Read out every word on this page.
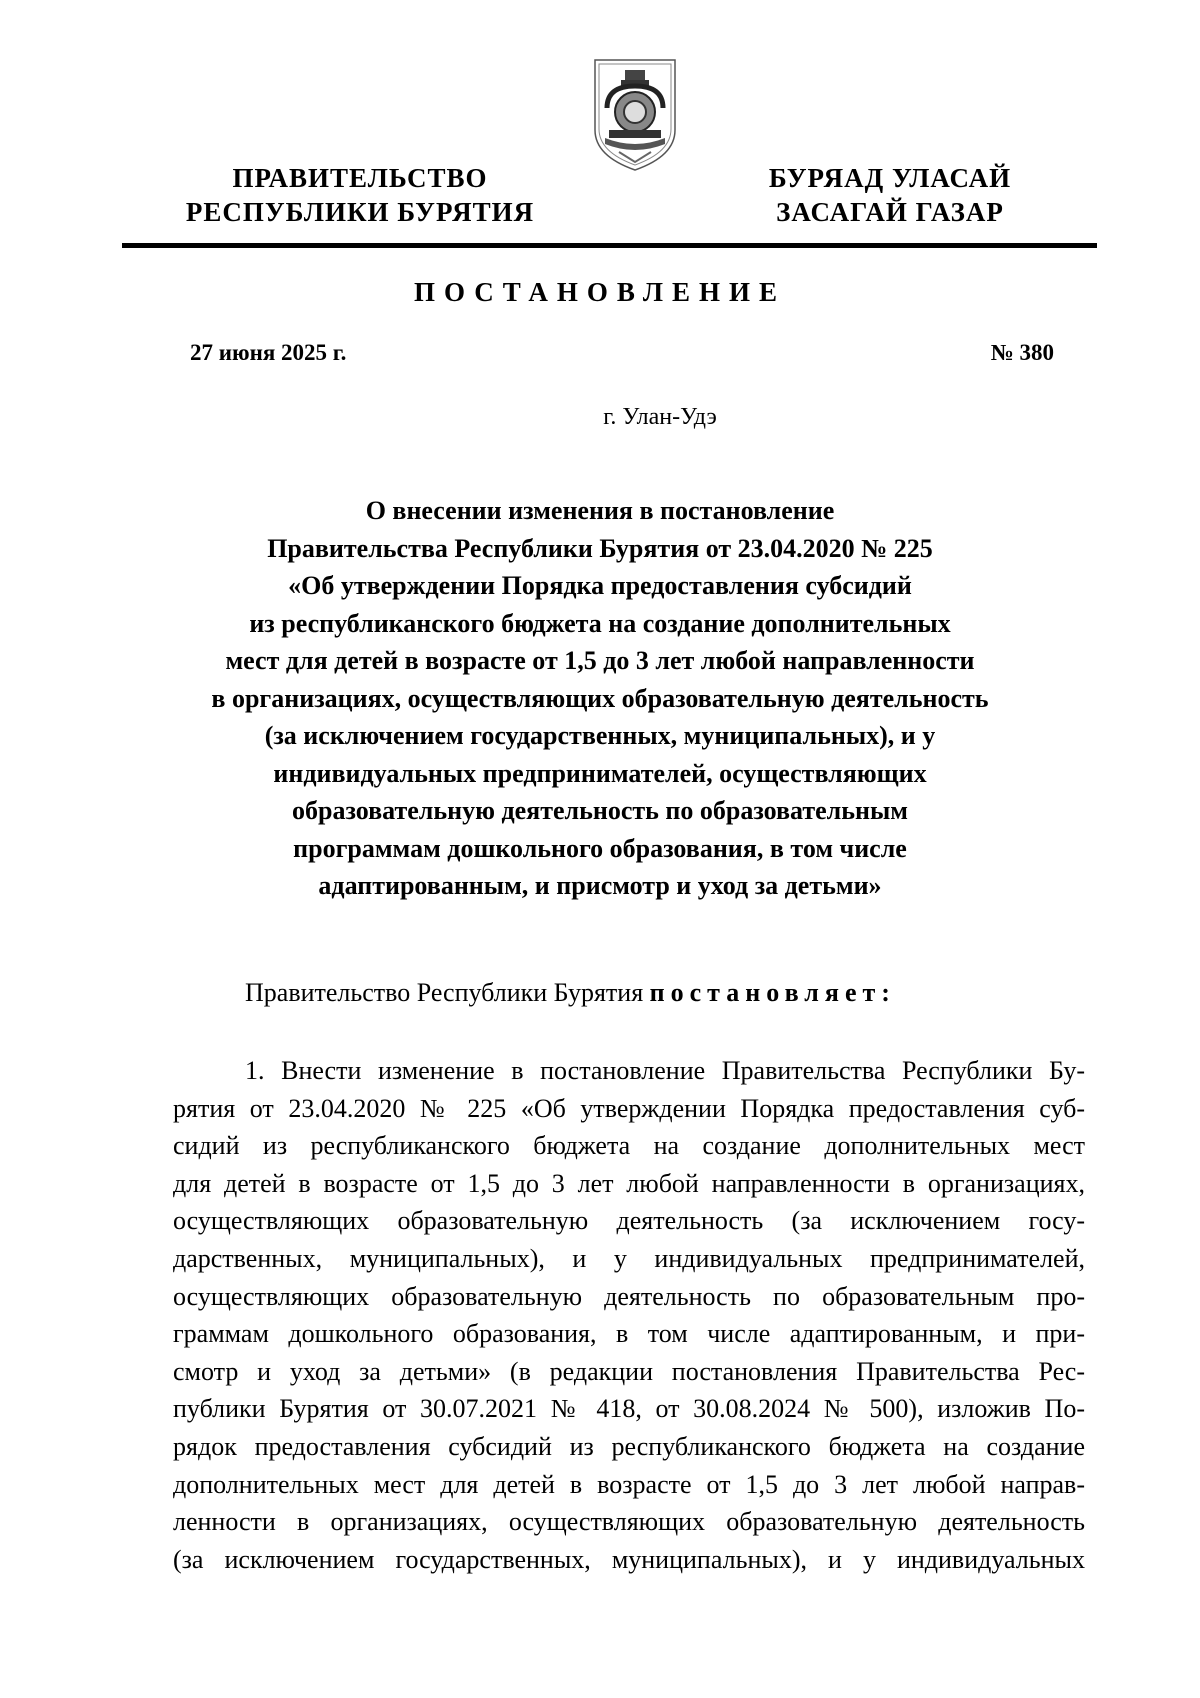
ПРАВИТЕЛЬСТВО
РЕСПУБЛИКИ БУРЯТИЯ
БУРЯАД УЛАСАЙ
ЗАСАГАЙ ГАЗАР
ПОСТАНОВЛЕНИЕ
27 июня 2025 г.	№ 380
г. Улан-Удэ
О внесении изменения в постановление
Правительства Республики Бурятия от 23.04.2020 № 225
«Об утверждении Порядка предоставления субсидий
из республиканского бюджета на создание дополнительных
мест для детей в возрасте от 1,5 до 3 лет любой направленности
в организациях, осуществляющих образовательную деятельность
(за исключением государственных, муниципальных), и у
индивидуальных предпринимателей, осуществляющих
образовательную деятельность по образовательным
программам дошкольного образования, в том числе
адаптированным, и присмотр и уход за детьми»
Правительство Республики Бурятия постановляет:
1. Внести изменение в постановление Правительства Республики Бу-
рятия от 23.04.2020 № 225 «Об утверждении Порядка предоставления суб-
сидий из республиканского бюджета на создание дополнительных мест
для детей в возрасте от 1,5 до 3 лет любой направленности в организациях,
осуществляющих образовательную деятельность (за исключением госу-
дарственных, муниципальных), и у индивидуальных предпринимателей,
осуществляющих образовательную деятельность по образовательным про-
граммам дошкольного образования, в том числе адаптированным, и при-
смотр и уход за детьми» (в редакции постановления Правительства Рес-
публики Бурятия от 30.07.2021 № 418, от 30.08.2024 № 500), изложив По-
рядок предоставления субсидий из республиканского бюджета на создание
дополнительных мест для детей в возрасте от 1,5 до 3 лет любой направ-
ленности в организациях, осуществляющих образовательную деятельность
(за исключением государственных, муниципальных), и у индивидуальных
